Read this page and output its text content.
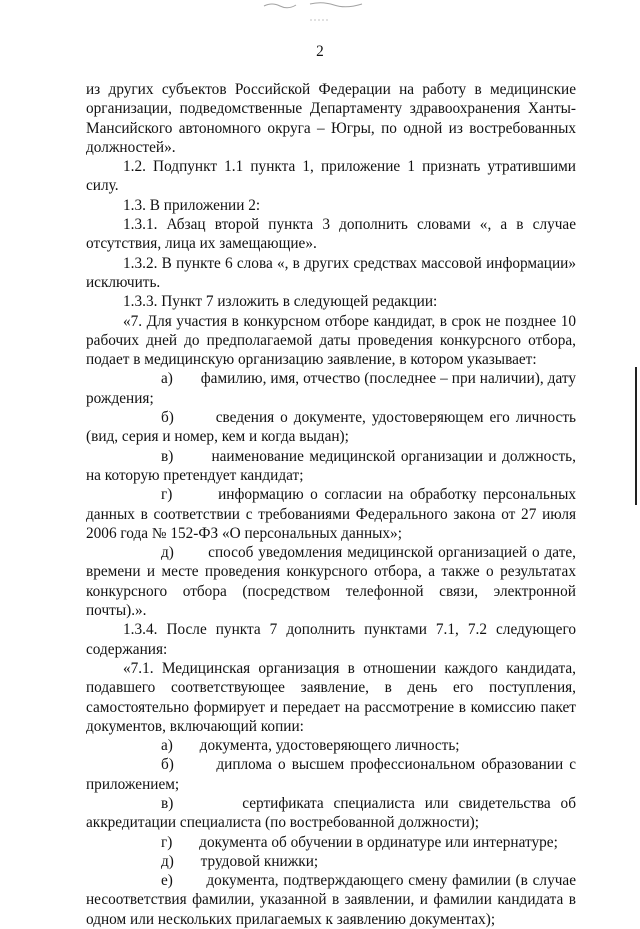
2

из других субъектов Российской Федерации на работу в медицинские организации, подведомственные Департаменту здравоохранения Ханты-Мансийского автономного округа – Югры, по одной из востребованных должностей».

1.2. Подпункт 1.1 пункта 1, приложение 1 признать утратившими силу.

1.3. В приложении 2:

1.3.1. Абзац второй пункта 3 дополнить словами «, а в случае отсутствия, лица их замещающие».

1.3.2. В пункте 6 слова «, в других средствах массовой информации» исключить.

1.3.3. Пункт 7 изложить в следующей редакции:

«7. Для участия в конкурсном отборе кандидат, в срок не позднее 10 рабочих дней до предполагаемой даты проведения конкурсного отбора, подает в медицинскую организацию заявление, в котором указывает:

а) фамилию, имя, отчество (последнее – при наличии), дату рождения;
б)	сведения о документе, удостоверяющем его личность (вид, серия и номер, кем и когда выдан);
в) наименование медицинской организации и должность, на которую претендует кандидат;
г)	информацию о согласии на обработку персональных данных в соответствии с требованиями Федерального закона от 27 июля 2006 года № 152-ФЗ «О персональных данных»;
д) способ уведомления медицинской организацией о дате, времени и месте проведения конкурсного отбора, а также о результатах конкурсного отбора (посредством телефонной связи, электронной почты).».

1.3.4. После пункта 7 дополнить пунктами 7.1, 7.2 следующего содержания:

«7.1. Медицинская организация в отношении каждого кандидата, подавшего соответствующее заявление, в день его поступления, самостоятельно формирует и передает на рассмотрение в комиссию пакет документов, включающий копии:

а) документа, удостоверяющего личность;
б)	диплома о высшем профессиональном образовании с приложением;
в)	сертификата специалиста или свидетельства об аккредитации специалиста (по востребованной должности);
г) документа об обучении в ординатуре или интернатуре;
д) трудовой книжки;
е) документа, подтверждающего смену фамилии (в случае несоответствия фамилии, указанной в заявлении, и фамилии кандидата в одном или нескольких прилагаемых к заявлению документах);
